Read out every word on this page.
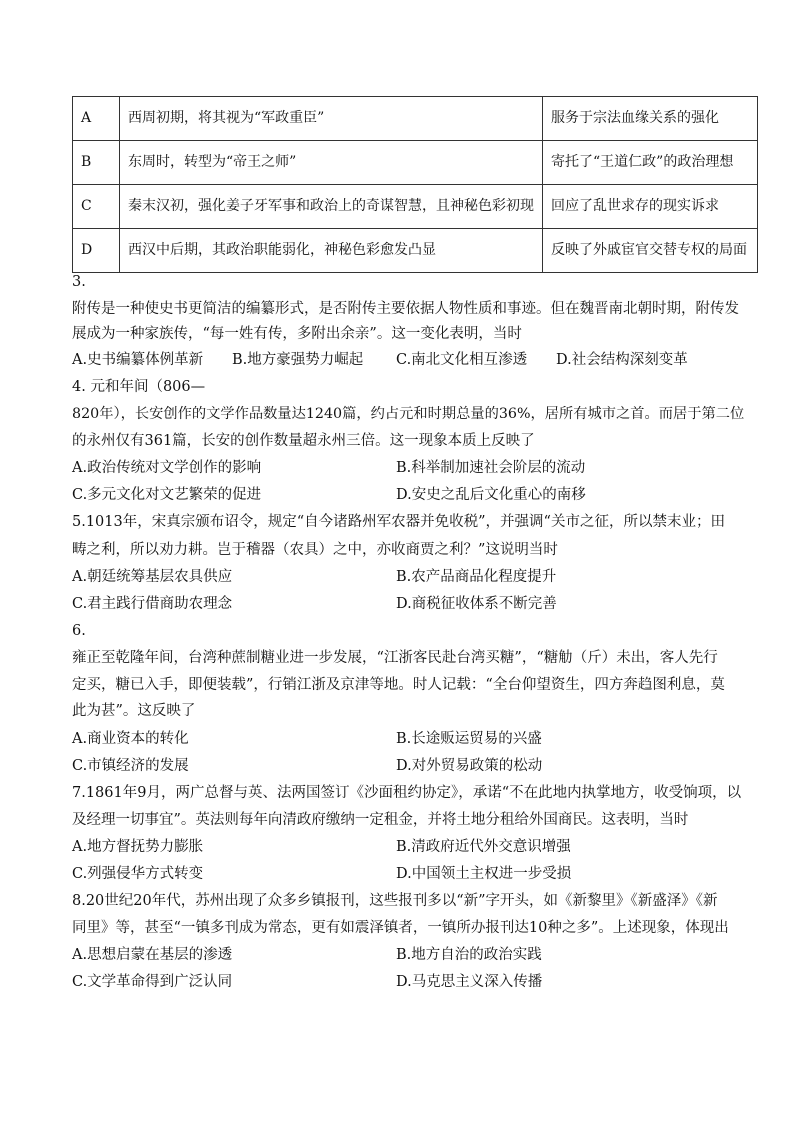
A	西周初期，将其视为“军政重臣”	服务于宗法血缘关系的强化
B	东周时，转型为“帝王之师”	寄托了“王道仁政”的政治理想
C	秦末汉初，强化姜子牙军事和政治上的奇谋智慧，且神秘色彩初现	回应了乱世求存的现实诉求
D	西汉中后期，其政治职能弱化，神秘色彩愈发凸显	反映了外戚宦官交替专权的局面
3.
附传是一种使史书更简洁的编纂形式，是否附传主要依据人物性质和事迹。但在魏晋南北朝时期，附传发
展成为一种家族传，“每一姓有传，多附出余亲”。这一变化表明，当时
A.史书编纂体例革新 B.地方豪强势力崛起 C.南北文化相互渗透 D.社会结构深刻变革
4. 元和年间（806—
820年），长安创作的文学作品数量达1240篇，约占元和时期总量的36%，居所有城市之首。而居于第二位
的永州仅有361篇，长安的创作数量超永州三倍。这一现象本质上反映了
A.政治传统对文学创作的影响	B.科举制加速社会阶层的流动
C.多元文化对文艺繁荣的促进	D.安史之乱后文化重心的南移
5.1013年，宋真宗颁布诏令，规定“自今诸路州军农器并免收税”，并强调“关市之征，所以禁末业；田
畴之利，所以劝力耕。岂于稽器（农具）之中，亦收商贾之利？”这说明当时
A.朝廷统筹基层农具供应	B.农产品商品化程度提升
C.君主践行借商助农理念	D.商税征收体系不断完善
6.
雍正至乾隆年间，台湾种蔗制糖业进一步发展，“江浙客民赴台湾买糖”，“糖觔（斤）未出，客人先行
定买，糖已入手，即便装载”，行销江浙及京津等地。时人记载：“全台仰望资生，四方奔趋图利息，莫
此为甚”。这反映了
A.商业资本的转化	B.长途贩运贸易的兴盛
C.市镇经济的发展	D.对外贸易政策的松动
7.1861年9月，两广总督与英、法两国签订《沙面租约协定》，承诺“不在此地内执掌地方，收受饷项，以
及经理一切事宜”。英法则每年向清政府缴纳一定租金，并将土地分租给外国商民。这表明，当时
A.地方督抚势力膨胀	B.清政府近代外交意识增强
C.列强侵华方式转变	D.中国领土主权进一步受损
8.20世纪20年代，苏州出现了众多乡镇报刊，这些报刊多以“新”字开头，如《新黎里》《新盛泽》《新
同里》等，甚至“一镇多刊成为常态，更有如震泽镇者，一镇所办报刊达10种之多”。上述现象，体现出
A.思想启蒙在基层的渗透	B.地方自治的政治实践
C.文学革命得到广泛认同	D.马克思主义深入传播
